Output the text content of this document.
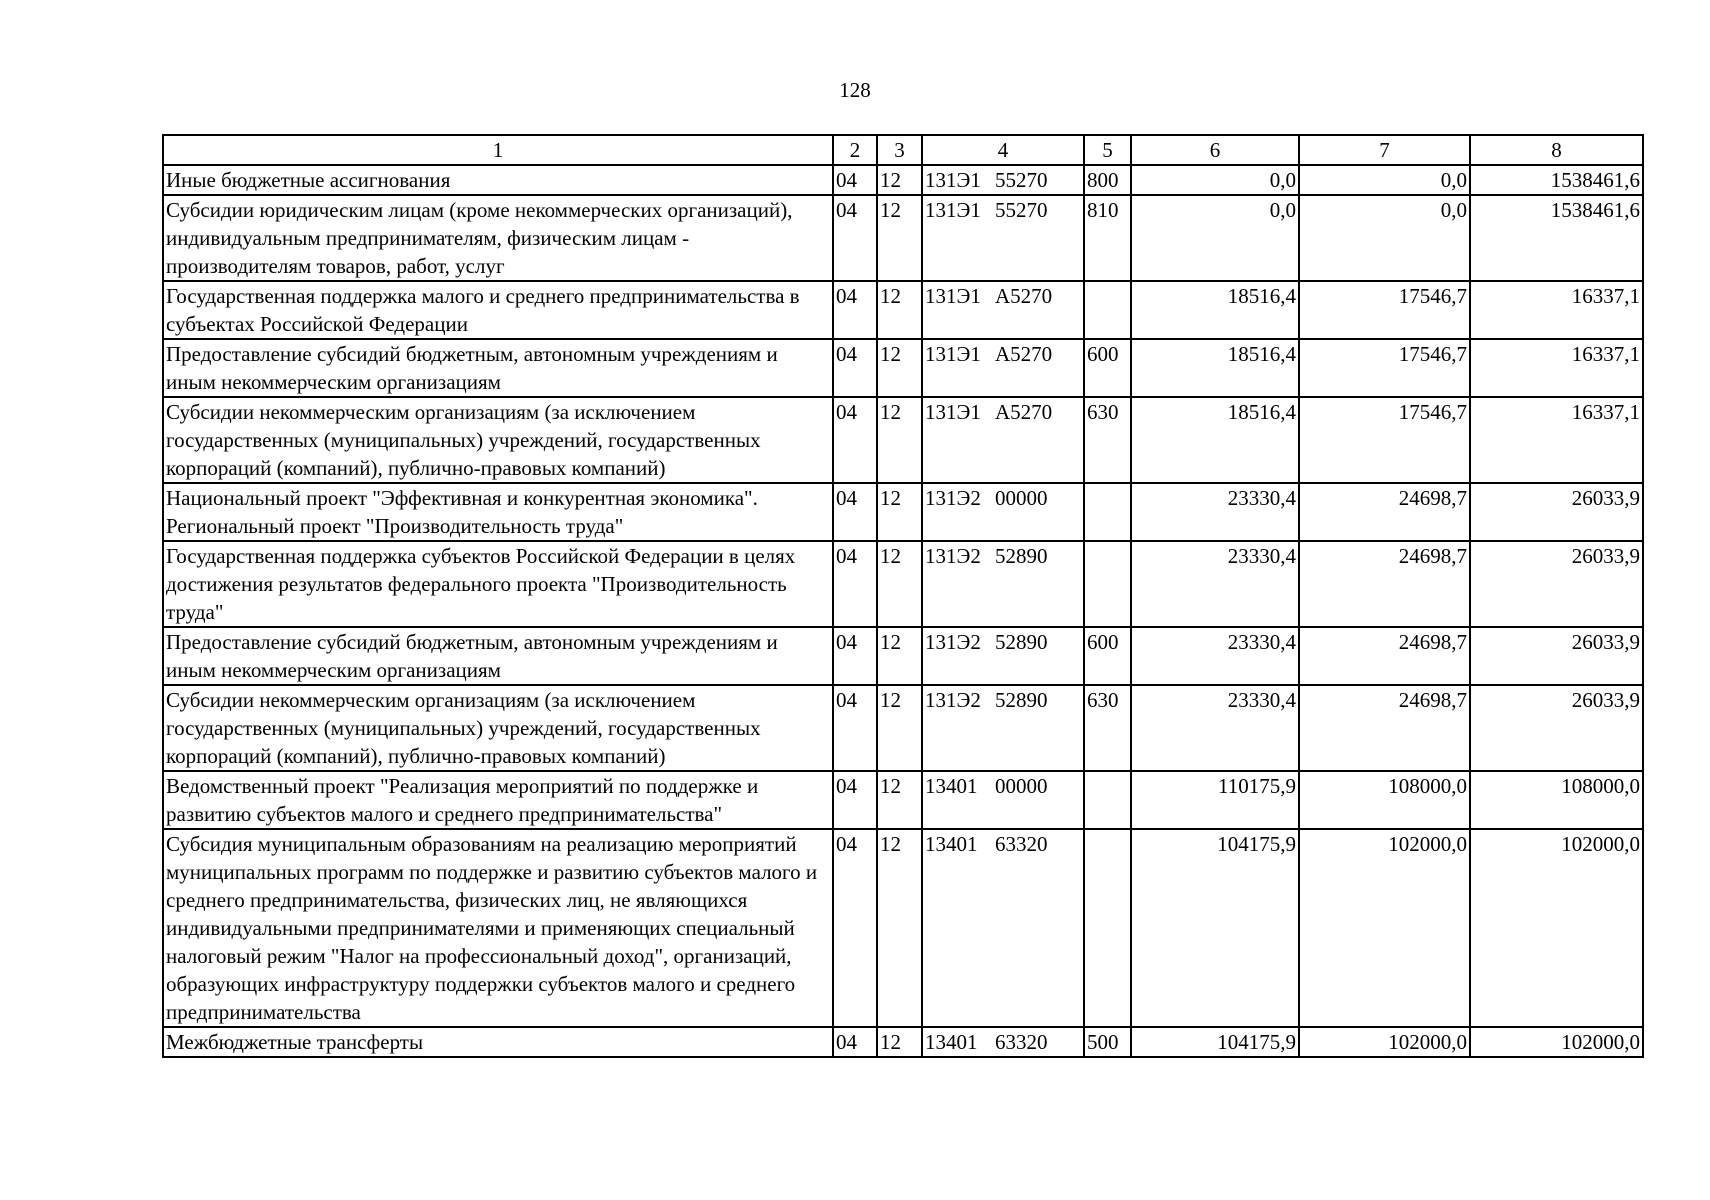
128
1	2	3	4	5	6	7	8
Иные бюджетные ассигнования	04	12	131Э1 55270	800	0,0	0,0	1538461,6
Субсидии юридическим лицам (кроме некоммерческих организаций), индивидуальным предпринимателям, физическим лицам - производителям товаров, работ, услуг	04	12	131Э1 55270	810	0,0	0,0	1538461,6
Государственная поддержка малого и среднего предпринимательства в субъектах Российской Федерации	04	12	131Э1 А5270		18516,4	17546,7	16337,1
Предоставление субсидий бюджетным, автономным учреждениям и иным некоммерческим организациям	04	12	131Э1 А5270	600	18516,4	17546,7	16337,1
Субсидии некоммерческим организациям (за исключением государственных (муниципальных) учреждений, государственных корпораций (компаний), публично-правовых компаний)	04	12	131Э1 А5270	630	18516,4	17546,7	16337,1
Национальный проект "Эффективная и конкурентная экономика". Региональный проект "Производительность труда"	04	12	131Э2 00000		23330,4	24698,7	26033,9
Государственная поддержка субъектов Российской Федерации в целях достижения результатов федерального проекта "Производительность труда"	04	12	131Э2 52890		23330,4	24698,7	26033,9
Предоставление субсидий бюджетным, автономным учреждениям и иным некоммерческим организациям	04	12	131Э2 52890	600	23330,4	24698,7	26033,9
Субсидии некоммерческим организациям (за исключением государственных (муниципальных) учреждений, государственных корпораций (компаний), публично-правовых компаний)	04	12	131Э2 52890	630	23330,4	24698,7	26033,9
Ведомственный проект "Реализация мероприятий по поддержке и развитию субъектов малого и среднего предпринимательства"	04	12	13401 00000		110175,9	108000,0	108000,0
Субсидия муниципальным образованиям на реализацию мероприятий муниципальных программ по поддержке и развитию субъектов малого и среднего предпринимательства, физических лиц, не являющихся индивидуальными предпринимателями и применяющих специальный налоговый режим "Налог на профессиональный доход", организаций, образующих инфраструктуру поддержки субъектов малого и среднего предпринимательства	04	12	13401 63320		104175,9	102000,0	102000,0
Межбюджетные трансферты	04	12	13401 63320	500	104175,9	102000,0	102000,0
